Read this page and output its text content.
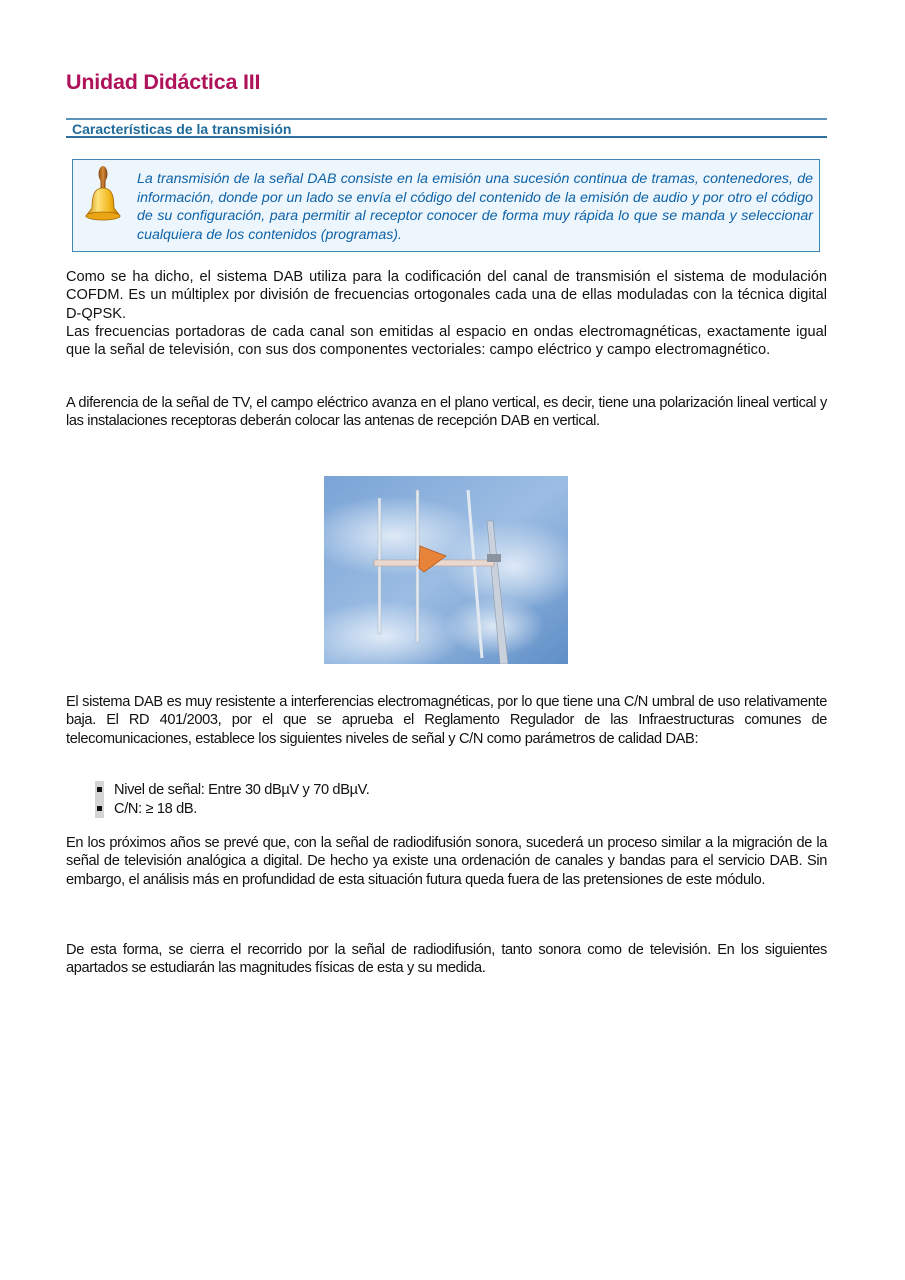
Unidad Didáctica III
Características de la transmisión

La transmisión de la señal DAB consiste en la emisión una sucesión continua de tramas, contenedores, de información, donde por un lado se envía el código del contenido de la emisión de audio y por otro el código de su configuración, para permitir al receptor conocer de forma muy rápida lo que se manda y seleccionar cualquiera de los contenidos (programas).

Como se ha dicho, el sistema DAB utiliza para la codificación del canal de transmisión el sistema de modulación COFDM. Es un múltiplex por división de frecuencias ortogonales cada una de ellas moduladas con la técnica digital D-QPSK.

Las frecuencias portadoras de cada canal son emitidas al espacio en ondas electromagnéticas, exactamente igual que la señal de televisión, con sus dos componentes vectoriales: campo eléctrico y campo electromagnético.

A diferencia de la señal de TV, el campo eléctrico avanza en el plano vertical, es decir, tiene una polarización lineal vertical y las instalaciones receptoras deberán colocar las antenas de recepción DAB en vertical.

El sistema DAB es muy resistente a interferencias electromagnéticas, por lo que tiene una C/N umbral de uso relativamente baja. El RD 401/2003, por el que se aprueba el Reglamento Regulador de las Infraestructuras comunes de telecomunicaciones, establece los siguientes niveles de señal y C/N como parámetros de calidad DAB:

Nivel de señal: Entre 30 dBµV y 70 dBµV.
C/N: ≥ 18 dB.

En los próximos años se prevé que, con la señal de radiodifusión sonora, sucederá un proceso similar a la migración de la señal de televisión analógica a digital. De hecho ya existe una ordenación de canales y bandas para el servicio DAB. Sin embargo, el análisis más en profundidad de esta situación futura queda fuera de las pretensiones de este módulo.

De esta forma, se cierra el recorrido por la señal de radiodifusión, tanto sonora como de televisión. En los siguientes apartados se estudiarán las magnitudes físicas de esta y su medida.
